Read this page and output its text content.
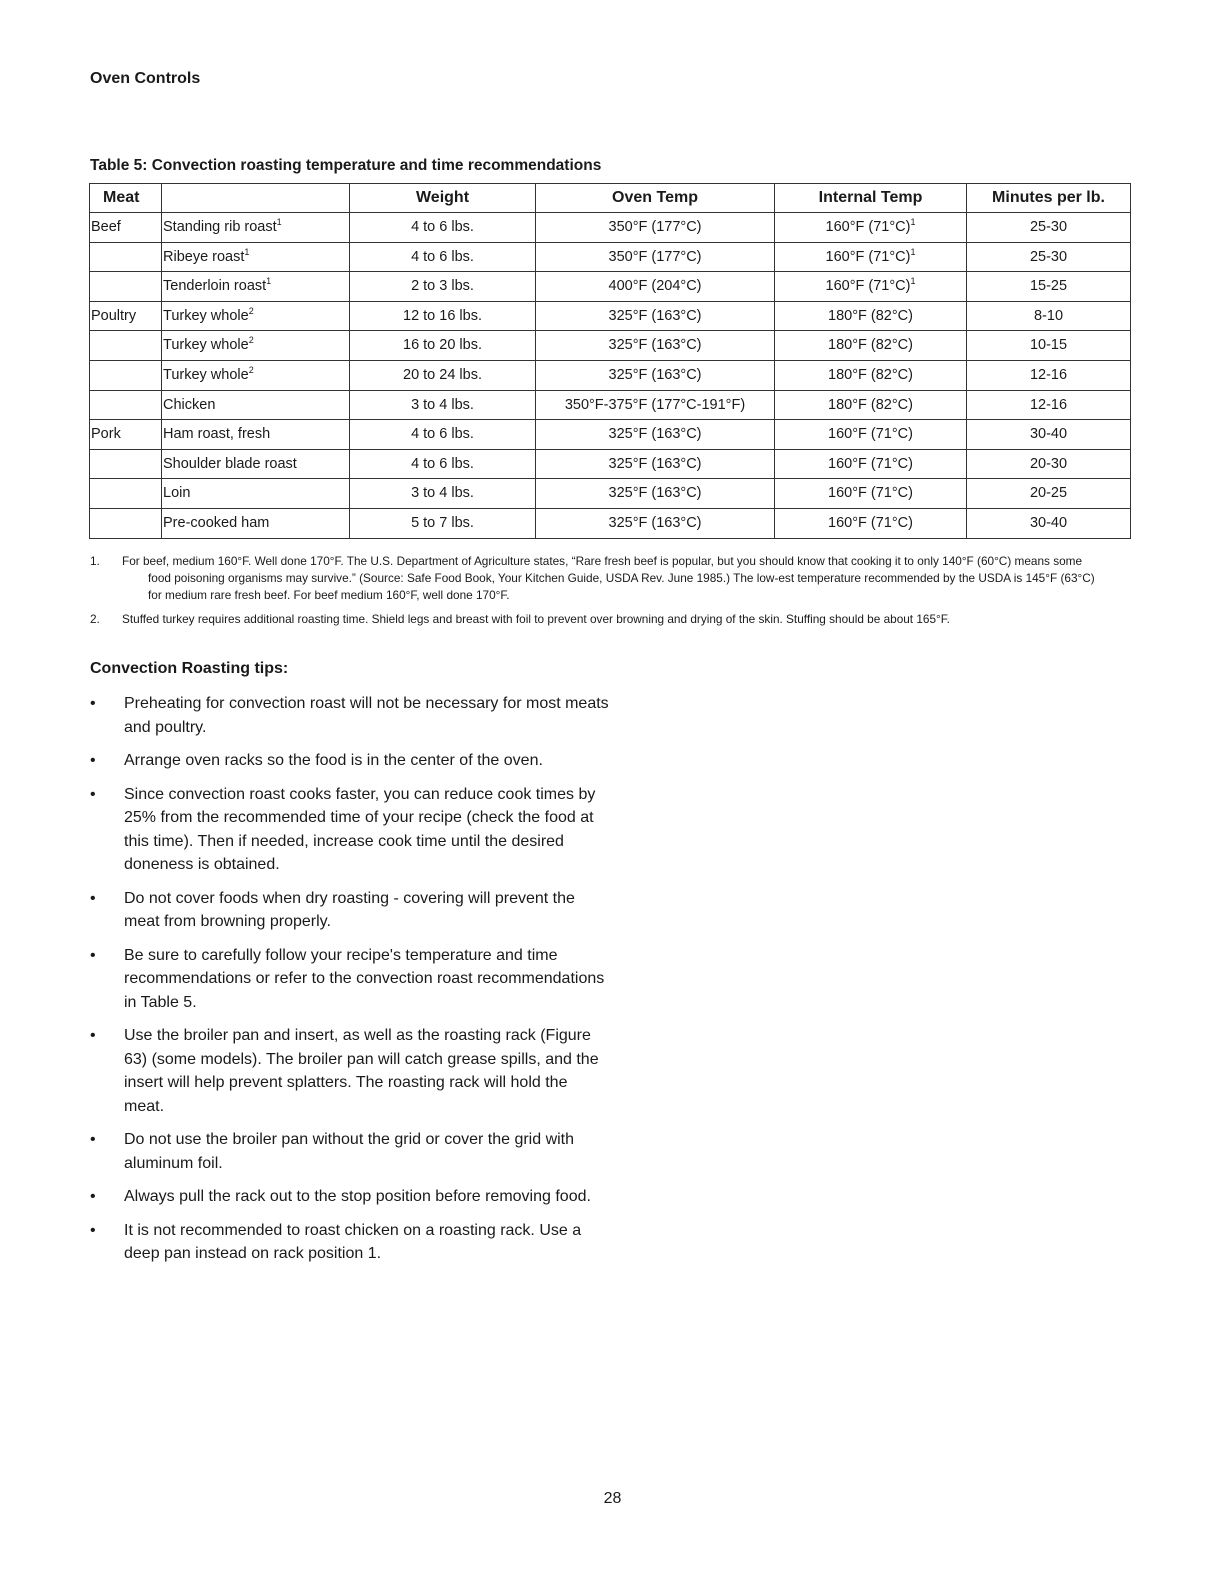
Oven Controls
Table 5: Convection roasting temperature and time recommendations
Meat		Weight	Oven Temp	Internal Temp	Minutes per lb.
Beef	Standing rib roast$^1$	4 to 6 lbs.	350°F (177°C)	160°F $(71^\circ C)^1$	25-30
	Ribeye roast$^1$	4 to 6 lbs.	350°F (177°C)	160°F $(71^\circ C)^1$	25-30
	Tenderloin roast$^1$	2 to 3 lbs.	400°F (204°C)	160°F $(71^\circ C)^1$	15-25
Poultry	Turkey whole$^2$	12 to 16 lbs.	325°F (163°C)	180°F (82°C)	8-10
	Turkey whole$^2$	16 to 20 lbs.	325°F (163°C)	180°F (82°C)	10-15
	Turkey whole$^2$	20 to 24 lbs.	325°F (163°C)	180°F (82°C)	12-16
	Chicken	3 to 4 lbs.	350°F-375°F (177°C-191°F)	180°F (82°C)	12-16
Pork	Ham roast, fresh	4 to 6 lbs.	325°F (163°C)	160°F (71°C)	30-40
	Shoulder blade roast	4 to 6 lbs.	325°F (163°C)	160°F (71°C)	20-30
	Loin	3 to 4 lbs.	325°F (163°C)	160°F (71°C)	20-25
	Pre-cooked ham	5 to 7 lbs.	325°F (163°C)	160°F (71°C)	30-40

1. For beef, medium 160°F. Well done 170°F. The U.S. Department of Agriculture states, “Rare fresh beef is popular, but you should know that cooking it to only 140°F (60°C) means some food poisoning organisms may survive.” (Source: Safe Food Book, Your Kitchen Guide, USDA Rev. June 1985.) The low-est temperature recommended by the USDA is 145°F (63°C) for medium rare fresh beef. For beef medium 160°F, well done 170°F.

2. Stuffed turkey requires additional roasting time. Shield legs and breast with foil to prevent over browning and drying of the skin. Stuffing should be about 165°F.

Convection Roasting tips:
• Preheating for convection roast will not be necessary for most meats and poultry.
• Arrange oven racks so the food is in the center of the oven.
• Since convection roast cooks faster, you can reduce cook times by 25% from the recommended time of your recipe (check the food at this time). Then if needed, increase cook time until the desired doneness is obtained.
• Do not cover foods when dry roasting - covering will prevent the meat from browning properly.
• Be sure to carefully follow your recipe's temperature and time recommendations or refer to the convection roast recommendations in Table 5.
• Use the broiler pan and insert, as well as the roasting rack (Figure 63) (some models). The broiler pan will catch grease spills, and the insert will help prevent splatters. The roasting rack will hold the meat.
• Do not use the broiler pan without the grid or cover the grid with aluminum foil.
• Always pull the rack out to the stop position before removing food.
• It is not recommended to roast chicken on a roasting rack. Use a deep pan instead on rack position 1.
28
